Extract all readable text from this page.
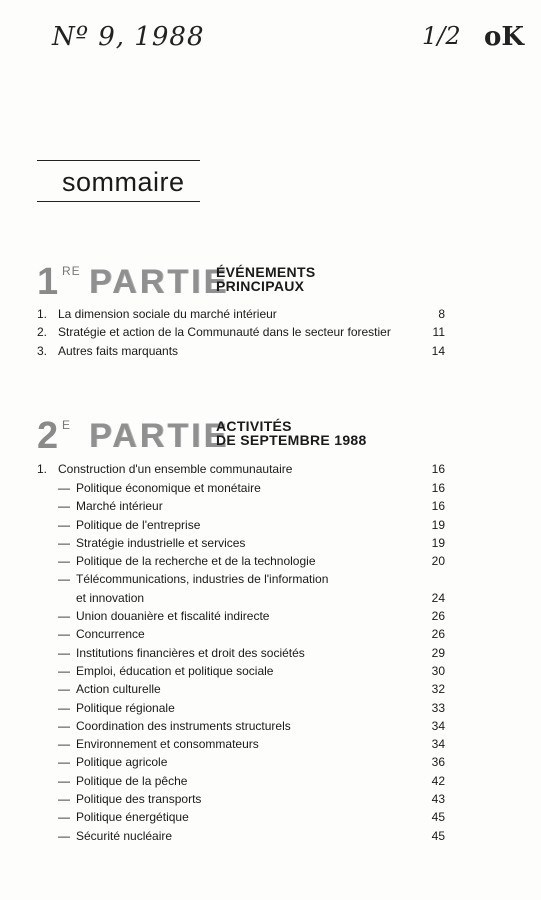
Nº 9, 1988	1/2 oK
sommaire
1 RE PARTIE
ÉVÉNEMENTS
PRINCIPAUX
1. La dimension sociale du marché intérieur	8
2. Stratégie et action de la Communauté dans le secteur forestier	11
3. Autres faits marquants	14
2 E PARTIE
ACTIVITÉS
DE SEPTEMBRE 1988
1. Construction d'un ensemble communautaire	16
— Politique économique et monétaire	16
— Marché intérieur	16
— Politique de l'entreprise	19
— Stratégie industrielle et services	19
— Politique de la recherche et de la technologie	20
— Télécommunications, industries de l'information
et innovation	24
— Union douanière et fiscalité indirecte	26
— Concurrence	26
— Institutions financières et droit des sociétés	29
— Emploi, éducation et politique sociale	30
— Action culturelle	32
— Politique régionale	33
— Coordination des instruments structurels	34
— Environnement et consommateurs	34
— Politique agricole	36
— Politique de la pêche	42
— Politique des transports	43
— Politique énergétique	45
— Sécurité nucléaire	45
